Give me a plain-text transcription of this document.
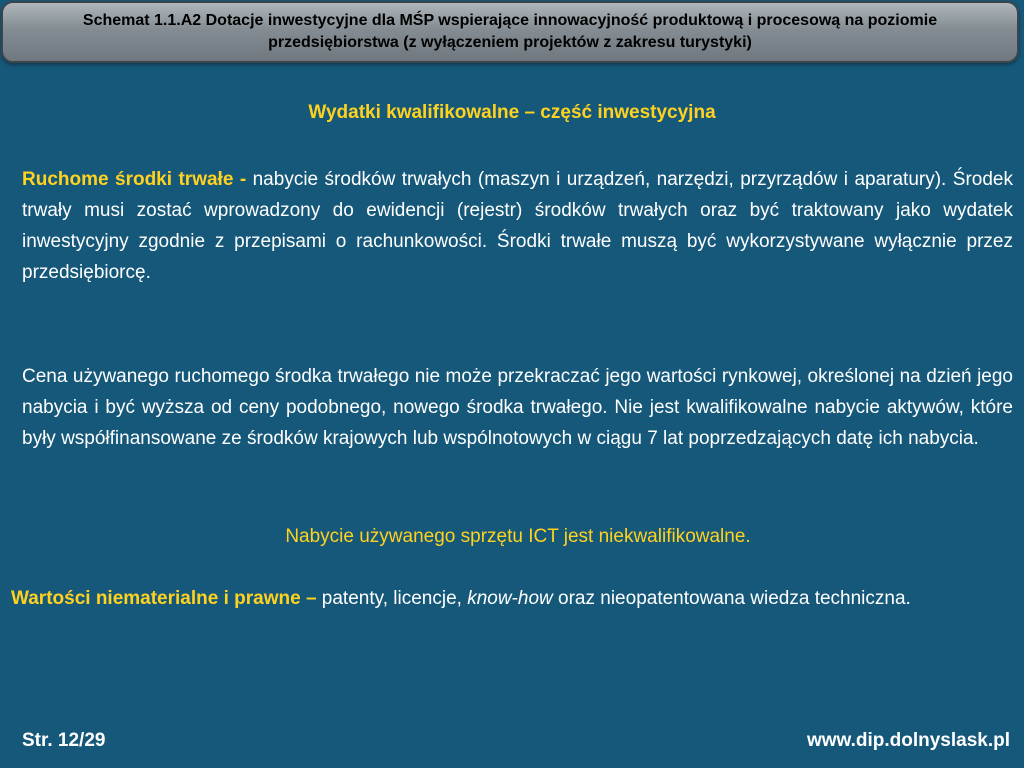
Schemat 1.1.A2 Dotacje inwestycyjne dla MŚP wspierające innowacyjność produktową i procesową na poziomie
przedsiębiorstwa (z wyłączeniem projektów z zakresu turystyki)
Wydatki kwalifikowalne – część inwestycyjna

Ruchome środki trwałe - nabycie środków trwałych (maszyn i urządzeń, narzędzi, przyrządów i aparatury). Środek trwały musi zostać wprowadzony do ewidencji (rejestr) środków trwałych oraz być traktowany jako wydatek inwestycyjny zgodnie z przepisami o rachunkowości. Środki trwałe muszą być wykorzystywane wyłącznie przez przedsiębiorcę.

Cena używanego ruchomego środka trwałego nie może przekraczać jego wartości rynkowej, określonej na dzień jego nabycia i być wyższa od ceny podobnego, nowego środka trwałego. Nie jest kwalifikowalne nabycie aktywów, które były współfinansowane ze środków krajowych lub wspólnotowych w ciągu 7 lat poprzedzających datę ich nabycia.

Nabycie używanego sprzętu ICT jest niekwalifikowalne.

Wartości niematerialne i prawne – patenty, licencje, know-how oraz nieopatentowana wiedza techniczna.

Str. 12/29	www.dip.dolnyslask.pl
